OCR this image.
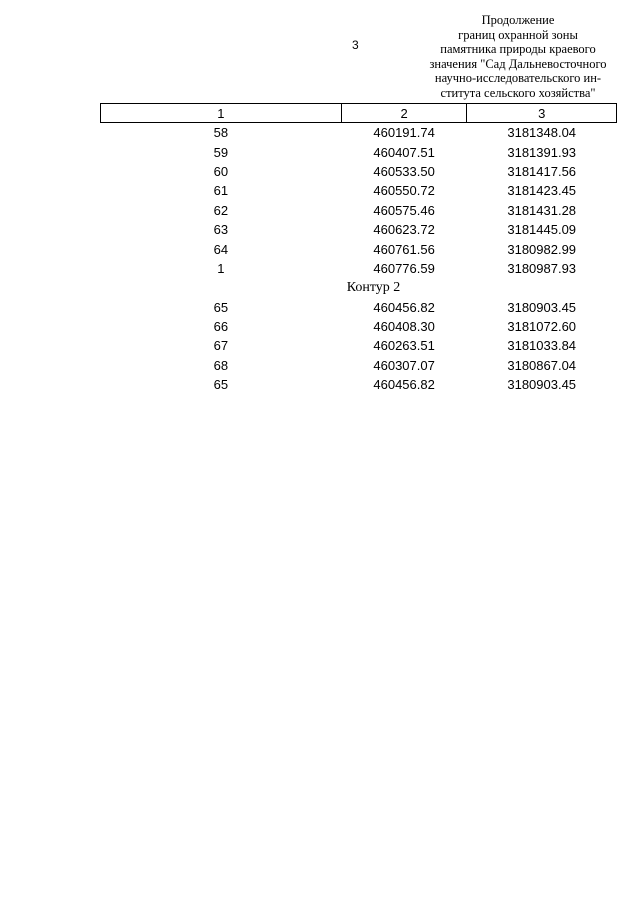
3
Продолжение
границ охранной зоны
памятника природы краевого
значения "Сад Дальневосточного
научно-исследовательского ин-
ститута сельского хозяйства"
1	2	3
58	460191.74	3181348.04
59	460407.51	3181391.93
60	460533.50	3181417.56
61	460550.72	3181423.45
62	460575.46	3181431.28
63	460623.72	3181445.09
64	460761.56	3180982.99
1	460776.59	3180987.93
Контур 2		
65	460456.82	3180903.45
66	460408.30	3181072.60
67	460263.51	3181033.84
68	460307.07	3180867.04
65	460456.82	3180903.45
